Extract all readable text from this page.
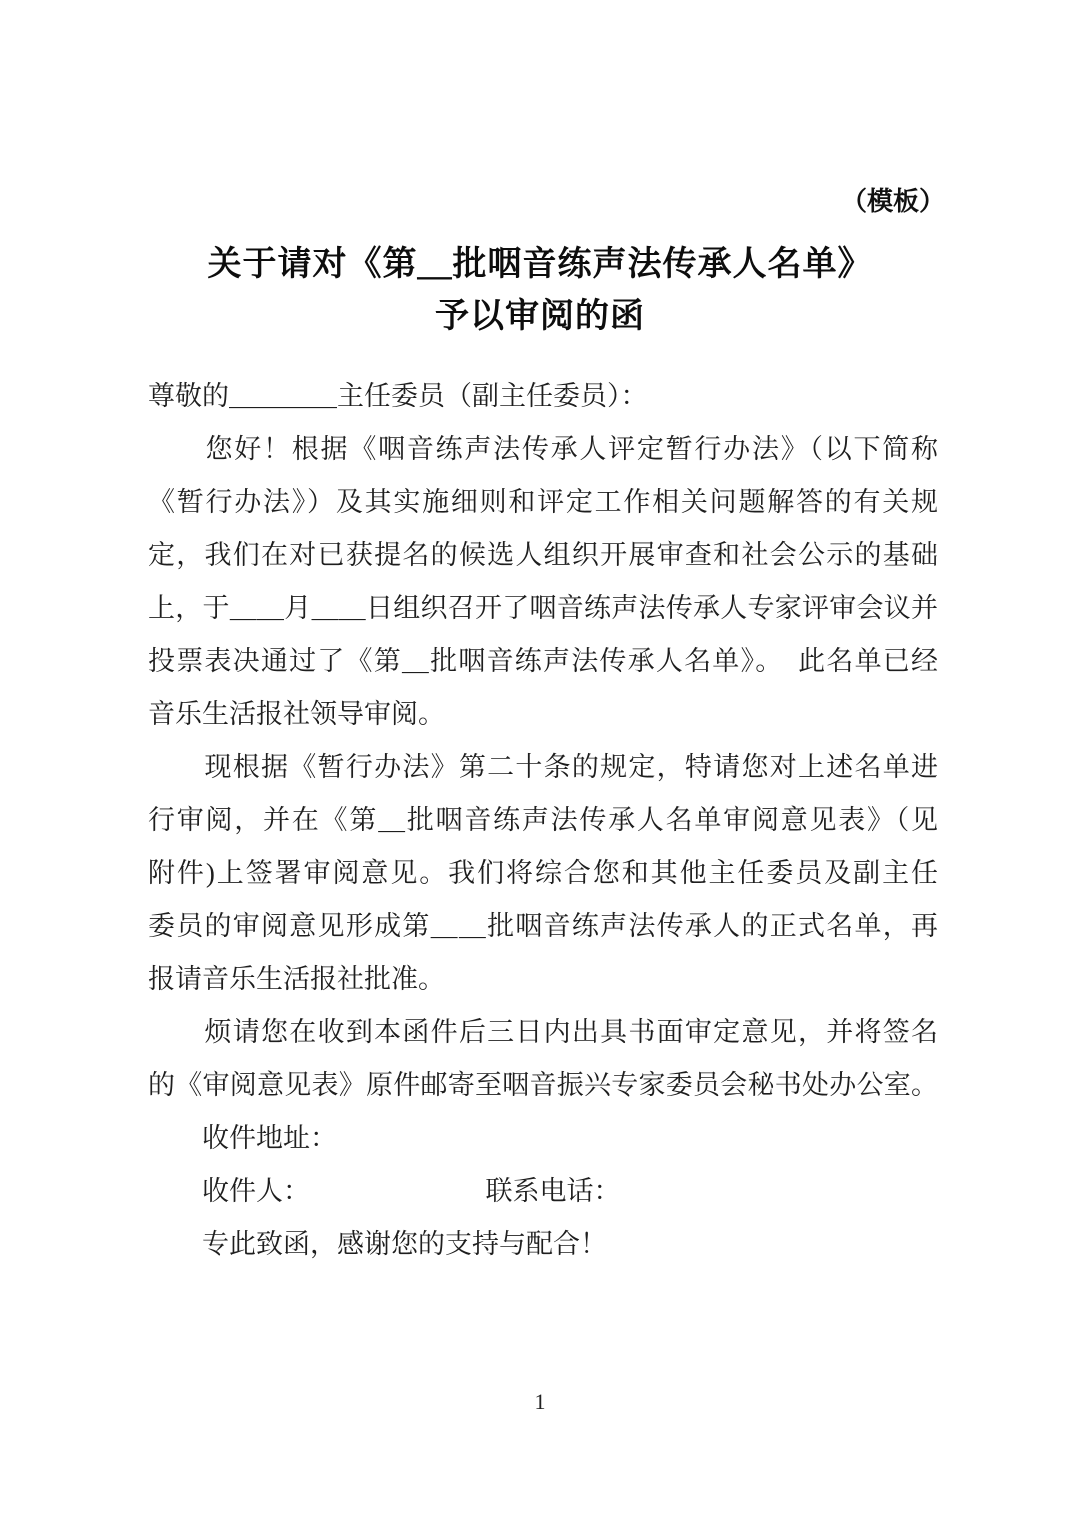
（模板）
关于请对《第＿批咽音练声法传承人名单》
予以审阅的函
尊敬的＿＿＿＿主任委员（副主任委员）：
　　您好！根据《咽音练声法传承人评定暂行办法》（以下简称
《暂行办法》）及其实施细则和评定工作相关问题解答的有关规
定，我们在对已获提名的候选人组织开展审查和社会公示的基础
上，于＿＿月＿＿日组织召开了咽音练声法传承人专家评审会议并
投票表决通过了《第＿批咽音练声法传承人名单》。　此名单已经
音乐生活报社领导审阅。
　　现根据《暂行办法》第二十条的规定，特请您对上述名单进
行审阅，并在《第＿批咽音练声法传承人名单审阅意见表》（见
附件)上签署审阅意见。我们将综合您和其他主任委员及副主任
委员的审阅意见形成第＿＿批咽音练声法传承人的正式名单，再
报请音乐生活报社批准。
　　烦请您在收到本函件后三日内出具书面审定意见，并将签名
的《审阅意见表》原件邮寄至咽音振兴专家委员会秘书处办公室。
　　收件地址：
　　收件人：　　　　　　　联系电话：
　　专此致函，感谢您的支持与配合！
1
